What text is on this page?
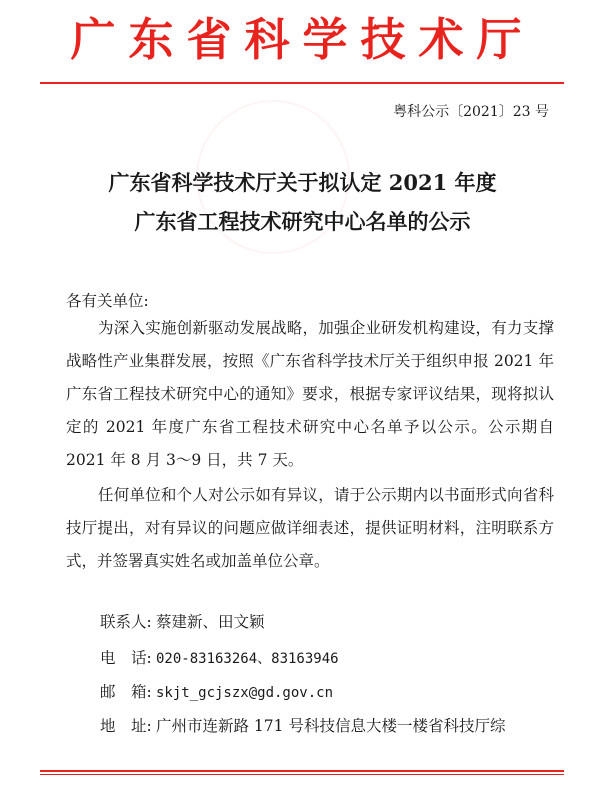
广东省科学技术厅
粤科公示〔2021〕23 号
广东省科学技术厅关于拟认定 2021 年度
广东省工程技术研究中心名单的公示
各有关单位:

为深入实施创新驱动发展战略，加强企业研发机构建设，有力支撑战略性产业集群发展，按照《广东省科学技术厅关于组织申报 2021 年广东省工程技术研究中心的通知》要求，根据专家评议结果，现将拟认定的 2021 年度广东省工程技术研究中心名单予以公示。公示期自 2021 年 8 月 3～9 日，共 7 天。

任何单位和个人对公示如有异议，请于公示期内以书面形式向省科技厅提出，对有异议的问题应做详细表述，提供证明材料，注明联系方式，并签署真实姓名或加盖单位公章。

联系人: 蔡建新、田文颖
电　话: 020-83163264、83163946
邮　箱: skjt_gcjszx@gd.gov.cn
地　址: 广州市连新路 171 号科技信息大楼一楼省科技厅综
